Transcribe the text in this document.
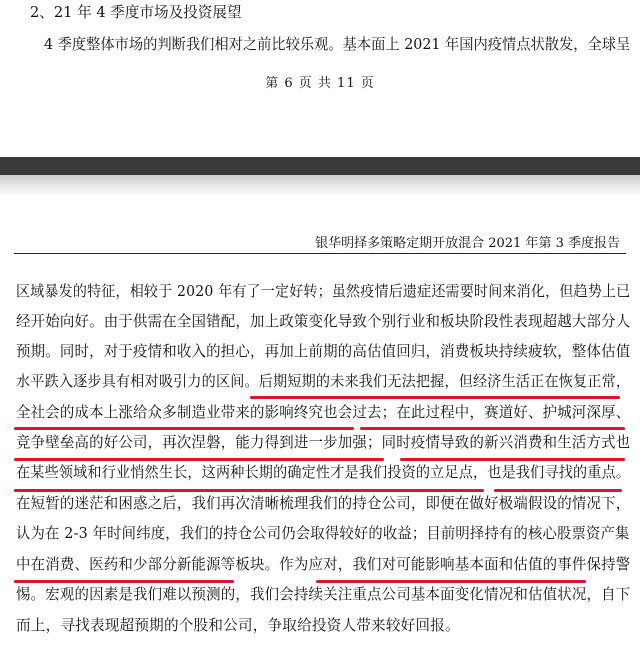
2、21 年 4 季度市场及投资展望
4 季度整体市场的判断我们相对之前比较乐观。基本面上 2021 年国内疫情点状散发，全球呈
第 6 页 共 11 页
银华明择多策略定期开放混合 2021 年第 3 季度报告
区域暴发的特征，相较于 2020 年有了一定好转；虽然疫情后遗症还需要时间来消化，但趋势上已
经开始向好。由于供需在全国错配，加上政策变化导致个别行业和板块阶段性表现超越大部分人
预期。同时，对于疫情和收入的担心，再加上前期的高估值回归，消费板块持续疲软，整体估值
水平跌入逐步具有相对吸引力的区间。后期短期的未来我们无法把握，但经济生活正在恢复正常，
全社会的成本上涨给众多制造业带来的影响终究也会过去；在此过程中，赛道好、护城河深厚、
竞争壁垒高的好公司，再次涅磐，能力得到进一步加强；同时疫情导致的新兴消费和生活方式也
在某些领域和行业悄然生长，这两种长期的确定性才是我们投资的立足点，也是我们寻找的重点。
在短暂的迷茫和困惑之后，我们再次清晰梳理我们的持仓公司，即便在做好极端假设的情况下，
认为在 2-3 年时间纬度，我们的持仓公司仍会取得较好的收益；目前明择持有的核心股票资产集
中在消费、医药和少部分新能源等板块。作为应对，我们对可能影响基本面和估值的事件保持警
惕。宏观的因素是我们难以预测的，我们会持续关注重点公司基本面变化情况和估值状况，自下
而上，寻找表现超预期的个股和公司，争取给投资人带来较好回报。
